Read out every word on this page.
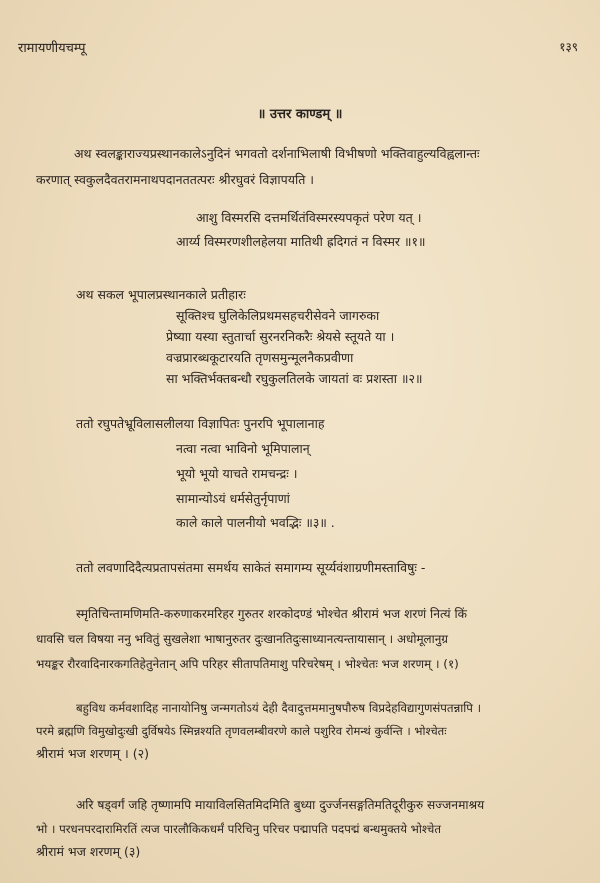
रामायणीयचम्पू	१३९
॥ उत्तर काण्डम् ॥
अथ स्वलङ्काराज्यप्रस्थानकालेऽनुदिनं भगवतो दर्शनाभिलाषी विभीषणो भक्तिवाहुल्यविह्वलान्तः
करणात् स्वकुलदैवतरामनाथपदानततत्परः श्रीरघुवरं विज्ञापयति ।
आशु विस्मरसि दत्तमर्थितंविस्मरस्यपकृतं परेण यत् ।
आर्य्य विस्मरणशीलहेलया मातिथी ह्रदिगतं न विस्मर ॥१॥
अथ सकल भूपालप्रस्थानकाले प्रतीहारः
सूक्तिश्च घुलिकेलिप्रथमसहचरीसेवने जागरुका
प्रेष्याा यस्या स्तुतार्चा सुरनरनिकरैः श्रेयसे स्तूयते या ।
वज्रप्रारब्धकूटारयति तृणसमुन्मूलनैकप्रवीणा
सा भक्तिर्भक्तबन्धौ रघुकुलतिलके जायतां वः प्रशस्ता ॥२॥
ततो रघुपतेभ्रूविलासलीलया विज्ञापितः पुनरपि भूपालानाह
नत्वा नत्वा भाविनो भूमिपालान्
भूयो भूयो याचते रामचन्द्रः ।
सामान्योऽयं धर्मसेतुर्नृपाणां
काले काले पालनीयो भवद्भिः ॥३॥ .
ततो लवणादिदैत्यप्रतापसंतमा समर्थय साकेतं समागम्य सूर्य्यवंशाग्रणीमस्ताविषुः -
स्मृतिचिन्तामणिमति-करुणाकरमरिहर गुरुतर शरकोदण्डं भोश्चेत श्रीरामं भज शरणं नित्यं किं
धावसि चल विषया ननु भवितुं सुखलेशा भाषानुरुतर दुःखानतिदुःसाध्यानत्यन्तायासान् । अधोमूलानुग्र
भयङ्कर रौरवादिनारकगतिहेतुनेतान् अपि परिहर सीतापतिमाशु परिचरेषम् । भोश्चेतः भज शरणम् । (१)
बहुविध कर्मवशादिह नानायोनिषु जन्मगतोऽयं देही दैवादुत्तममानुषपौरुष विप्रदेहविद्यागुणसंपतन्नापि ।
परमे ब्रह्मणि विमुखोदुःखी दुर्विषयेऽ स्मिन्नश्यति तृणवलम्बीवरणे काले पशुरिव रोमन्थं कुर्वन्ति । भोश्चेतः
श्रीरामं भज शरणम् । (२)
अरि षड्वर्गं जहि तृष्णामपि मायाविलसितमिदमिति बुध्या दुर्ज्जनसङ्गतिमतिदूरीकुरु सज्जनमाश्रय
भो । परधनपरदारामिरतिं त्यज पारलौकिकधर्मं परिचिनु परिचर पद्मापति पदपद्मं बन्धमुक्तये भोश्चेत
श्रीरामं भज शरणम् (३)
